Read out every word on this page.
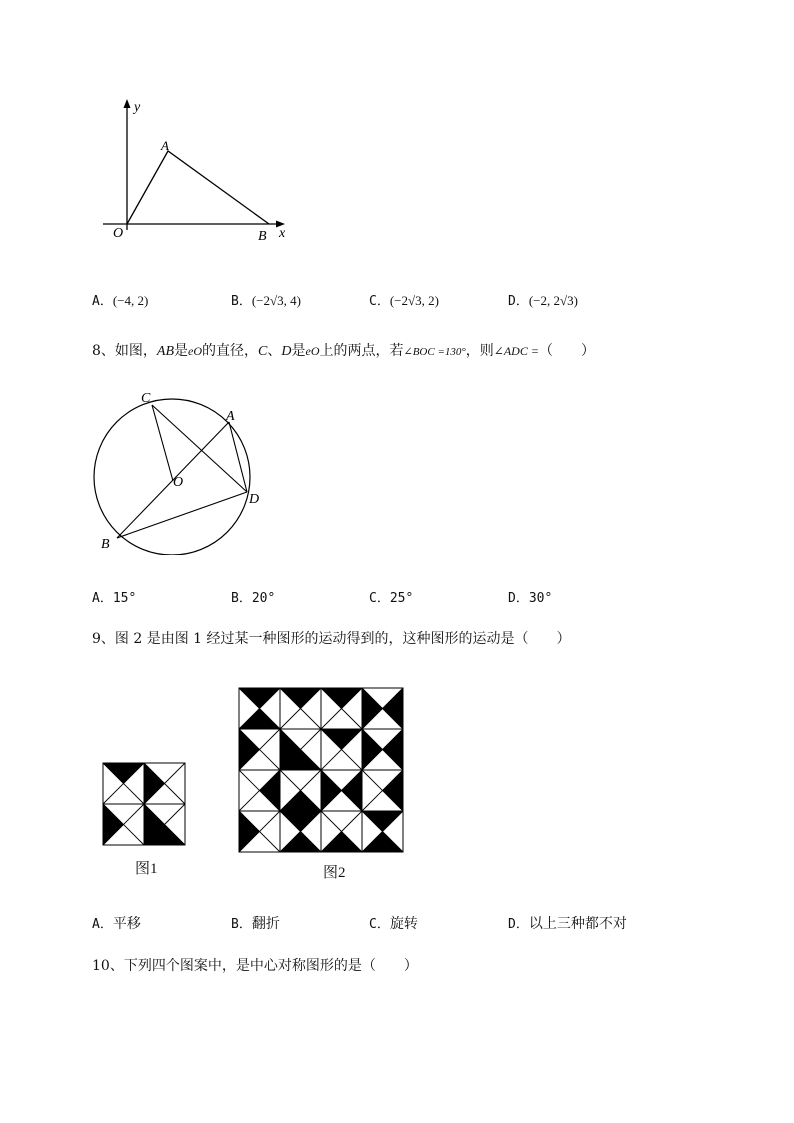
y
A
O	B x
A．(−4, 2)	B．(−2√3, 4)	C．(−2√3, 2)	D．(−2, 2√3)
8、如图，AB是eO的直径，C、D是eO上的两点，若∠BOC =130°，则∠ADC =（　　）
C
A
O
D
B
A．15°	B．20°	C．25°	D．30°
9、图 2 是由图 1 经过某一种图形的运动得到的，这种图形的运动是（　　）
图1	图2
A．平移	B．翻折	C．旋转	D．以上三种都不对
10、下列四个图案中，是中心对称图形的是（　　）
